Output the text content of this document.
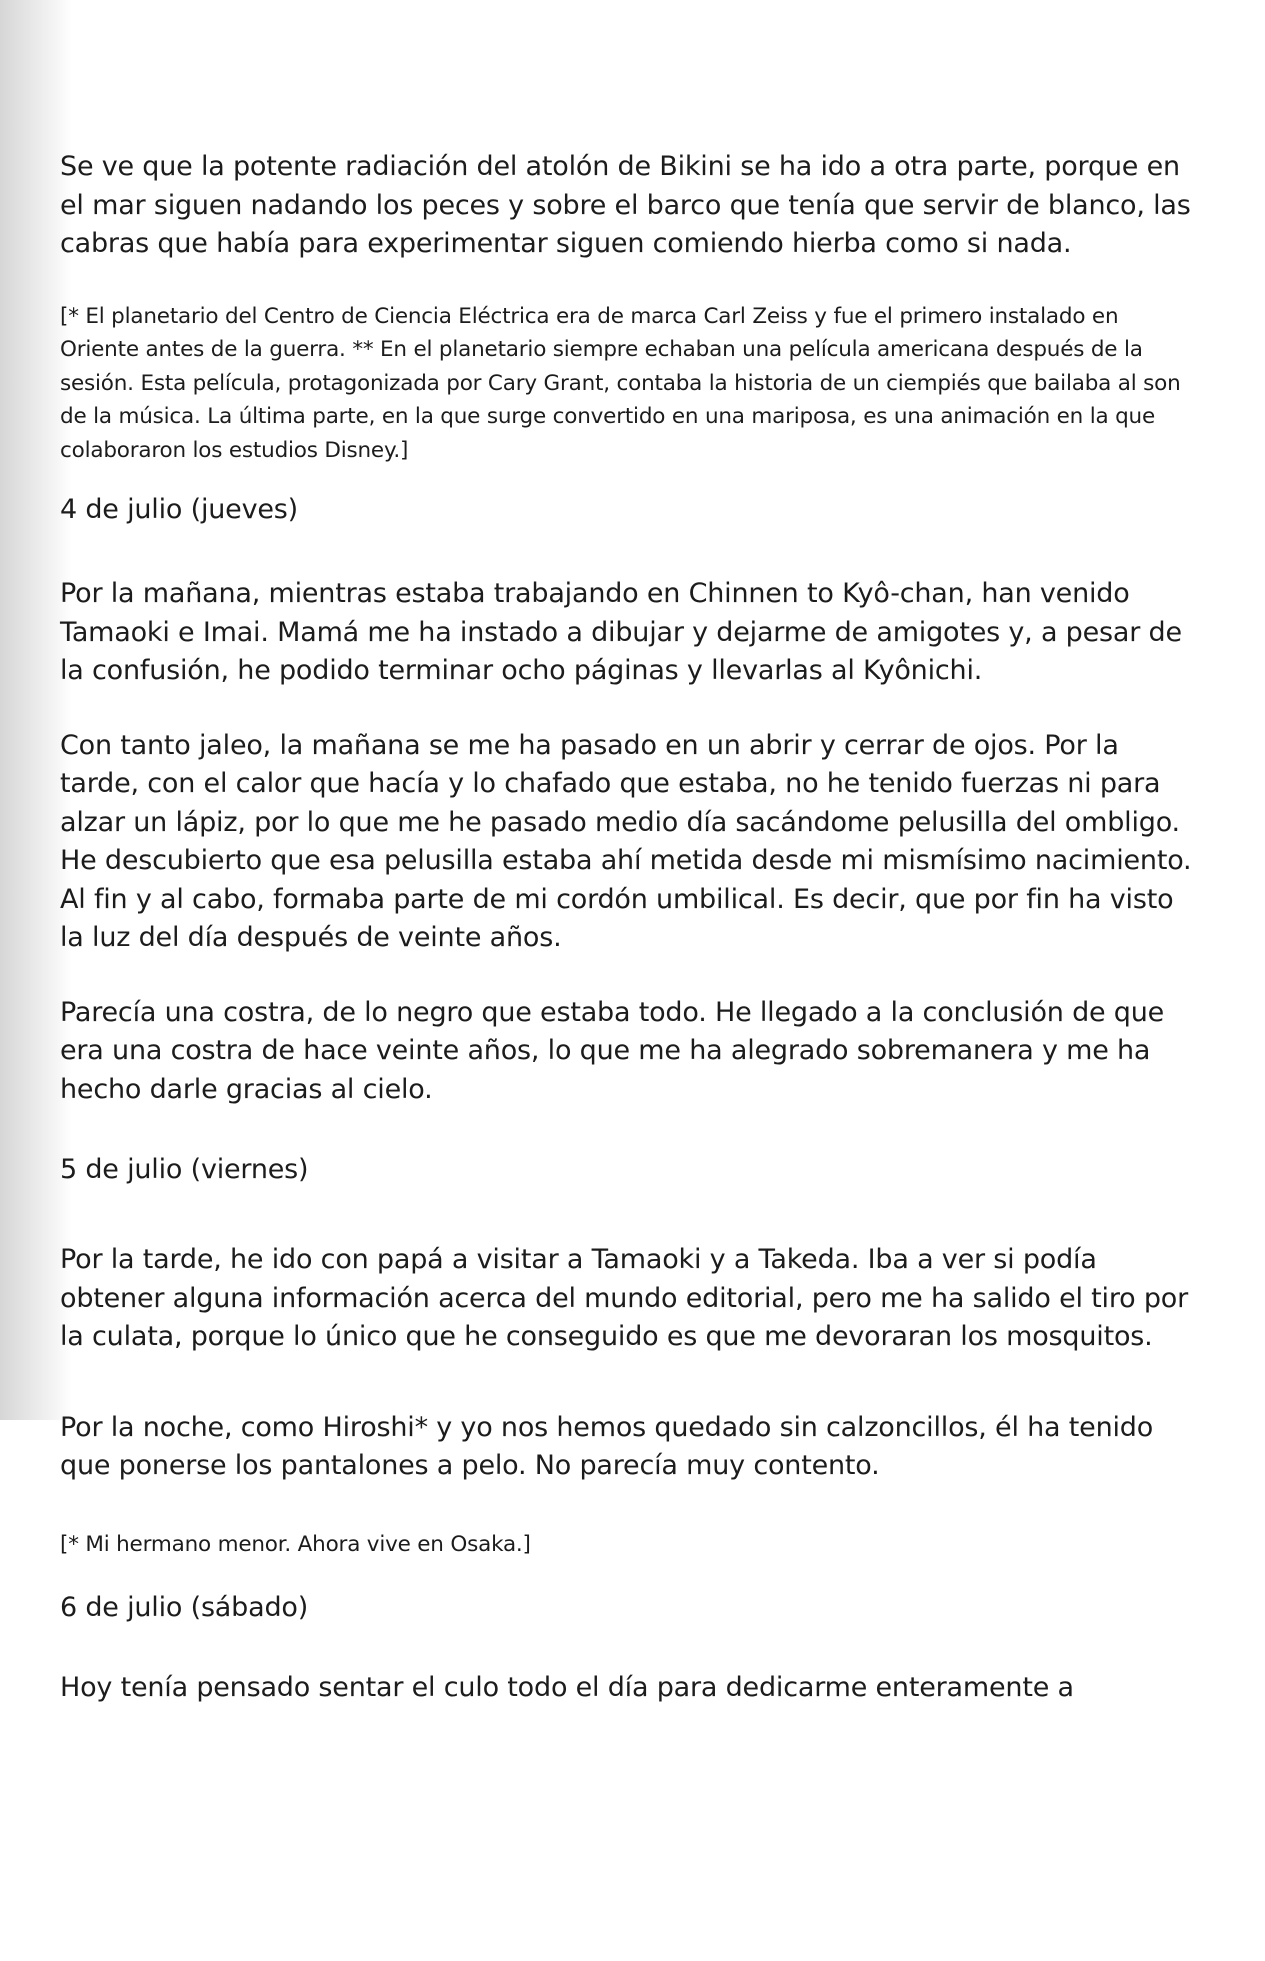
Se ve que la potente radiación del atolón de Bikini se ha ido a otra parte, porque en el mar siguen nadando los peces y sobre el barco que tenía que servir de blanco, las cabras que había para experimentar siguen comiendo hierba como si nada.

[* El planetario del Centro de Ciencia Eléctrica era de marca Carl Zeiss y fue el primero instalado en Oriente antes de la guerra. ** En el planetario siempre echaban una película americana después de la sesión. Esta película, protagonizada por Cary Grant, contaba la historia de un ciempiés que bailaba al son de la música. La última parte, en la que surge convertido en una mariposa, es una animación en la que colaboraron los estudios Disney.]

4 de julio (jueves)

Por la mañana, mientras estaba trabajando en Chinnen to Kyô-chan, han venido Tamaoki e Imai. Mamá me ha instado a dibujar y dejarme de amigotes y, a pesar de la confusión, he podido terminar ocho páginas y llevarlas al Kyônichi.

Con tanto jaleo, la mañana se me ha pasado en un abrir y cerrar de ojos. Por la tarde, con el calor que hacía y lo chafado que estaba, no he tenido fuerzas ni para alzar un lápiz, por lo que me he pasado medio día sacándome pelusilla del ombligo. He descubierto que esa pelusilla estaba ahí metida desde mi mismísimo nacimiento. Al fin y al cabo, formaba parte de mi cordón umbilical. Es decir, que por fin ha visto la luz del día después de veinte años.

Parecía una costra, de lo negro que estaba todo. He llegado a la conclusión de que era una costra de hace veinte años, lo que me ha alegrado sobremanera y me ha hecho darle gracias al cielo.

5 de julio (viernes)

Por la tarde, he ido con papá a visitar a Tamaoki y a Takeda. Iba a ver si podía obtener alguna información acerca del mundo editorial, pero me ha salido el tiro por la culata, porque lo único que he conseguido es que me devoraran los mosquitos.

Por la noche, como Hiroshi* y yo nos hemos quedado sin calzoncillos, él ha tenido que ponerse los pantalones a pelo. No parecía muy contento.

[* Mi hermano menor. Ahora vive en Osaka.]

6 de julio (sábado)

Hoy tenía pensado sentar el culo todo el día para dedicarme enteramente a
